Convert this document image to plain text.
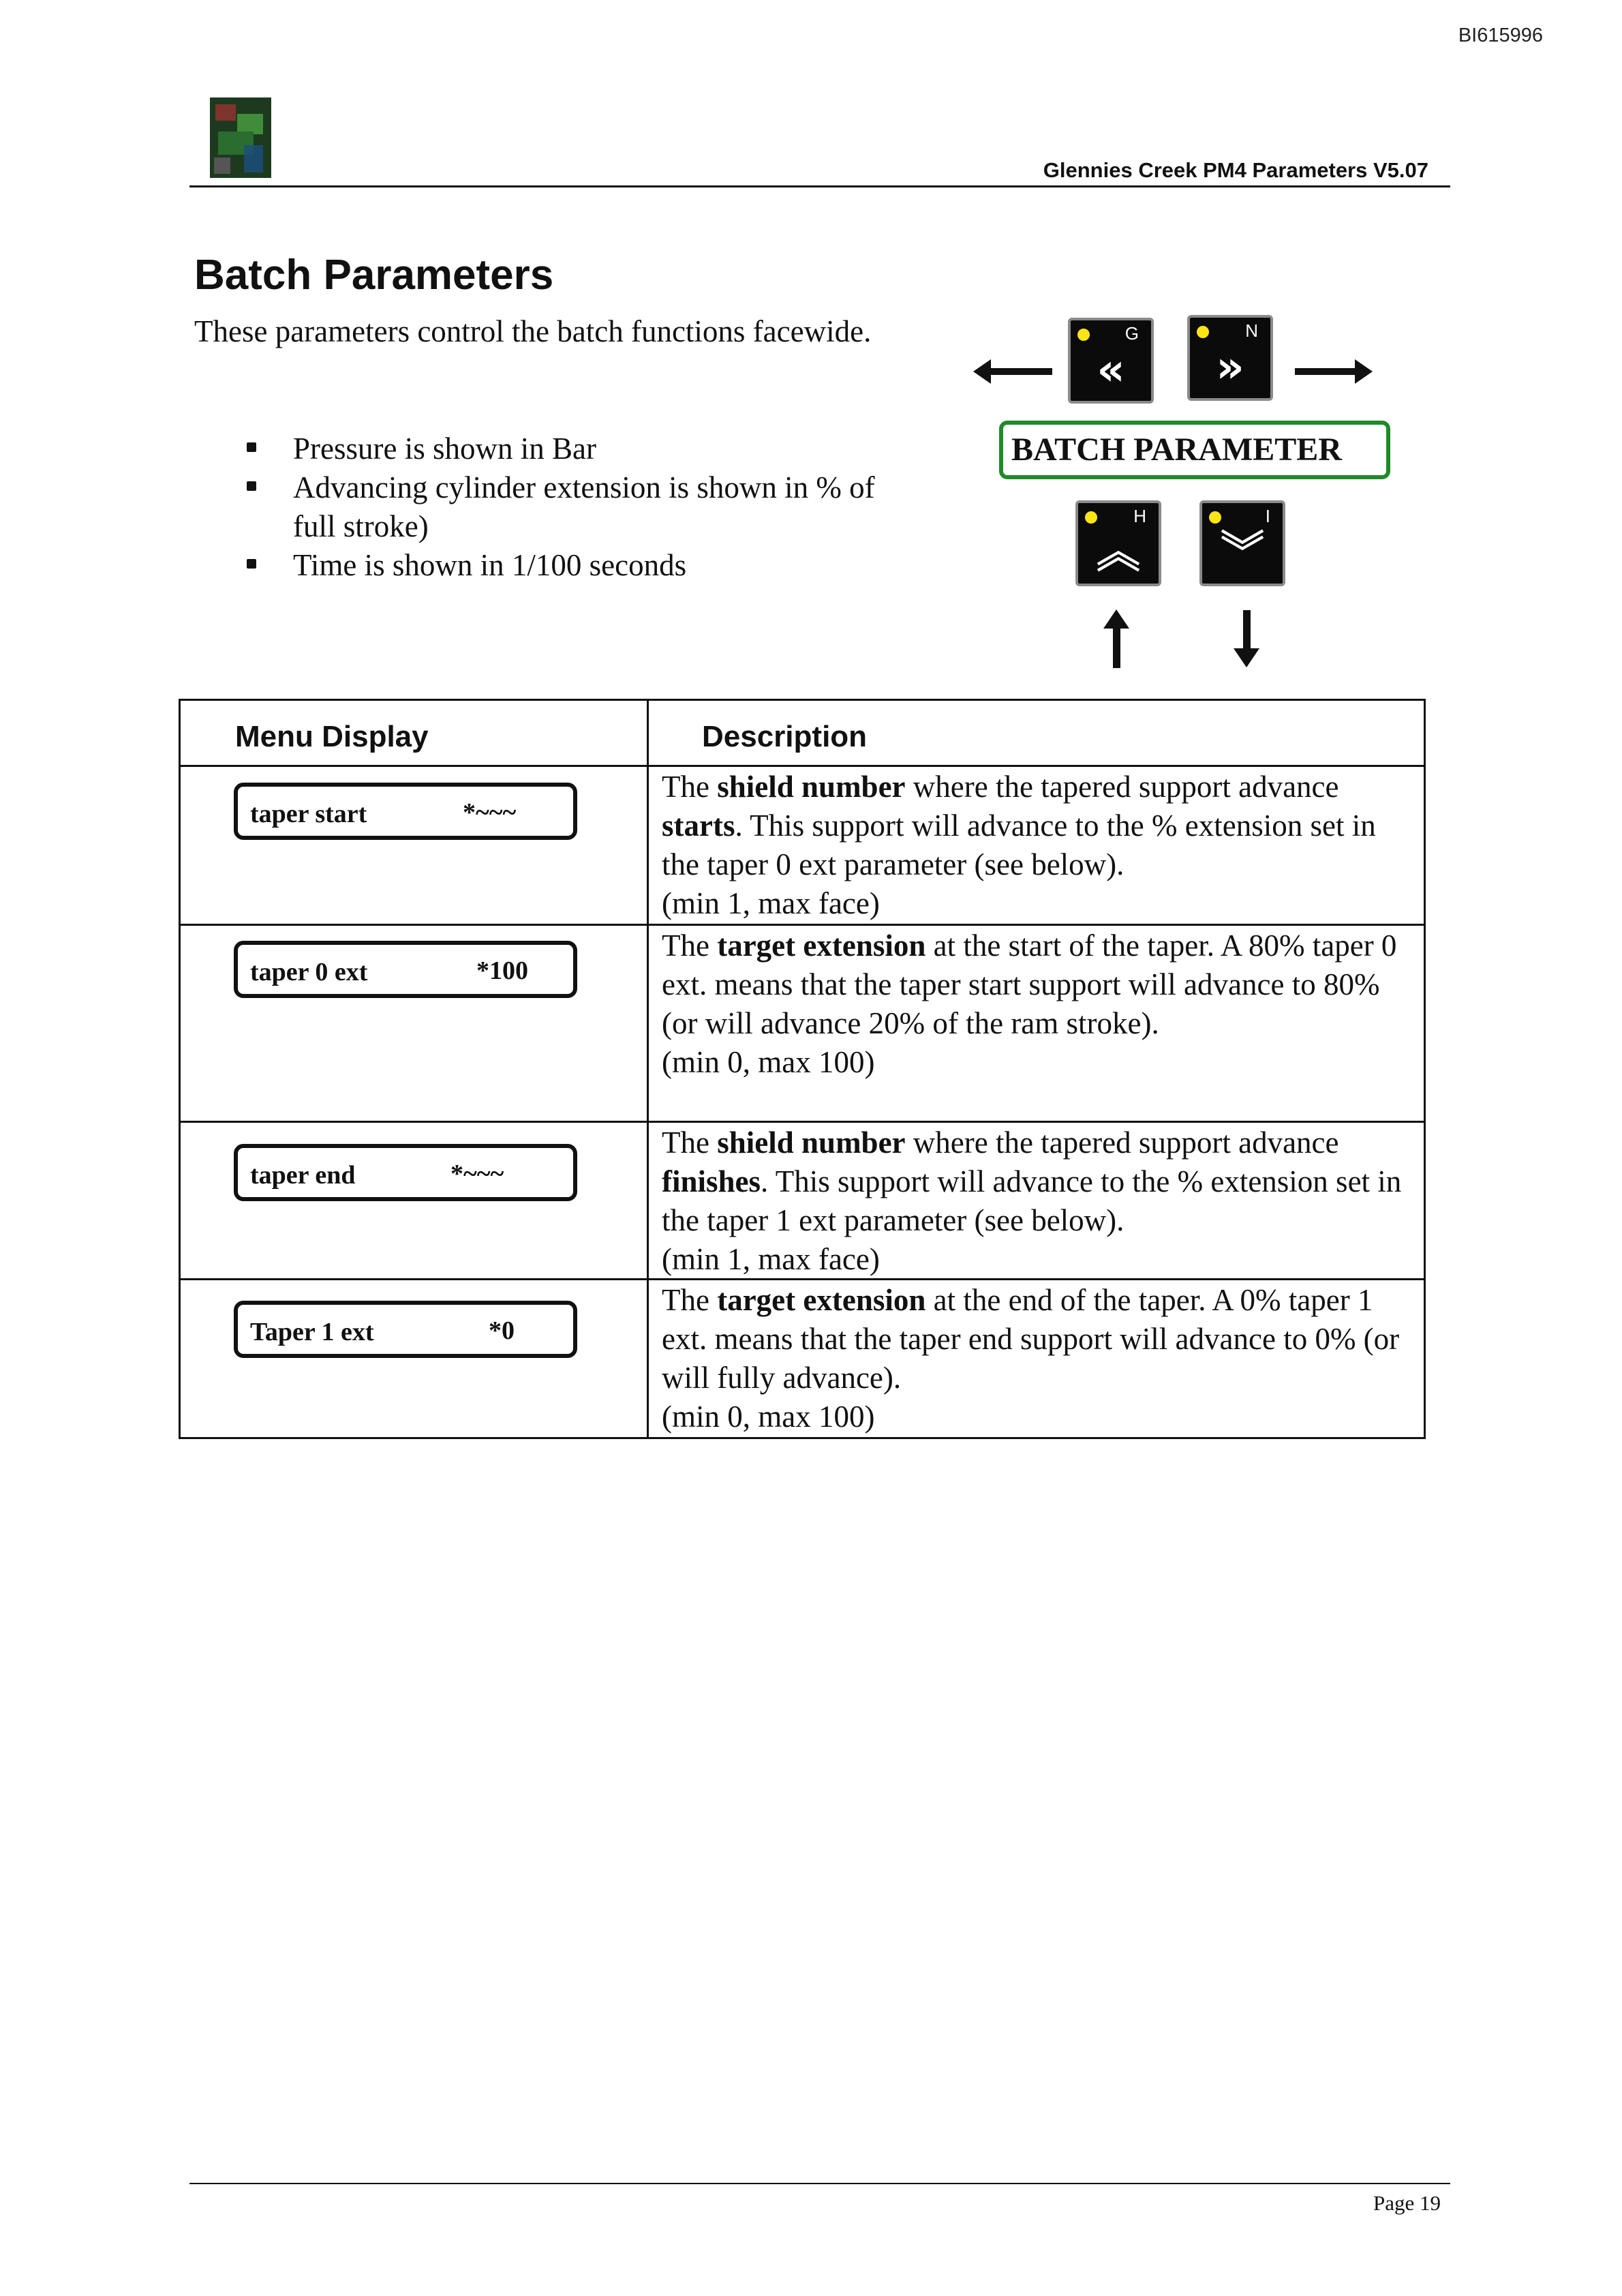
BI615996
Glennies Creek PM4 Parameters V5.07
Batch Parameters

These parameters control the batch functions facewide.

Pressure is shown in Bar
Advancing cylinder extension is shown in % of full stroke)
Time is shown in 1/100 seconds
G
«
N
»
BATCH PARAMETER
H
︽
I
︾
Menu Display	Description
taper start	*~~~
The shield number where the tapered support advance starts. This support will advance to the % extension set in the taper 0 ext parameter (see below).
(min 1, max face)
taper 0 ext	*100
The target extension at the start of the taper. A 80% taper 0 ext. means that the taper start support will advance to 80% (or will advance 20% of the ram stroke).
(min 0, max 100)
taper end	*~~~
The shield number where the tapered support advance finishes. This support will advance to the % extension set in the taper 1 ext parameter (see below).
(min 1, max face)
Taper 1 ext	*0
The target extension at the end of the taper. A 0% taper 1 ext. means that the taper end support will advance to 0% (or will fully advance).
(min 0, max 100)
Page 19
